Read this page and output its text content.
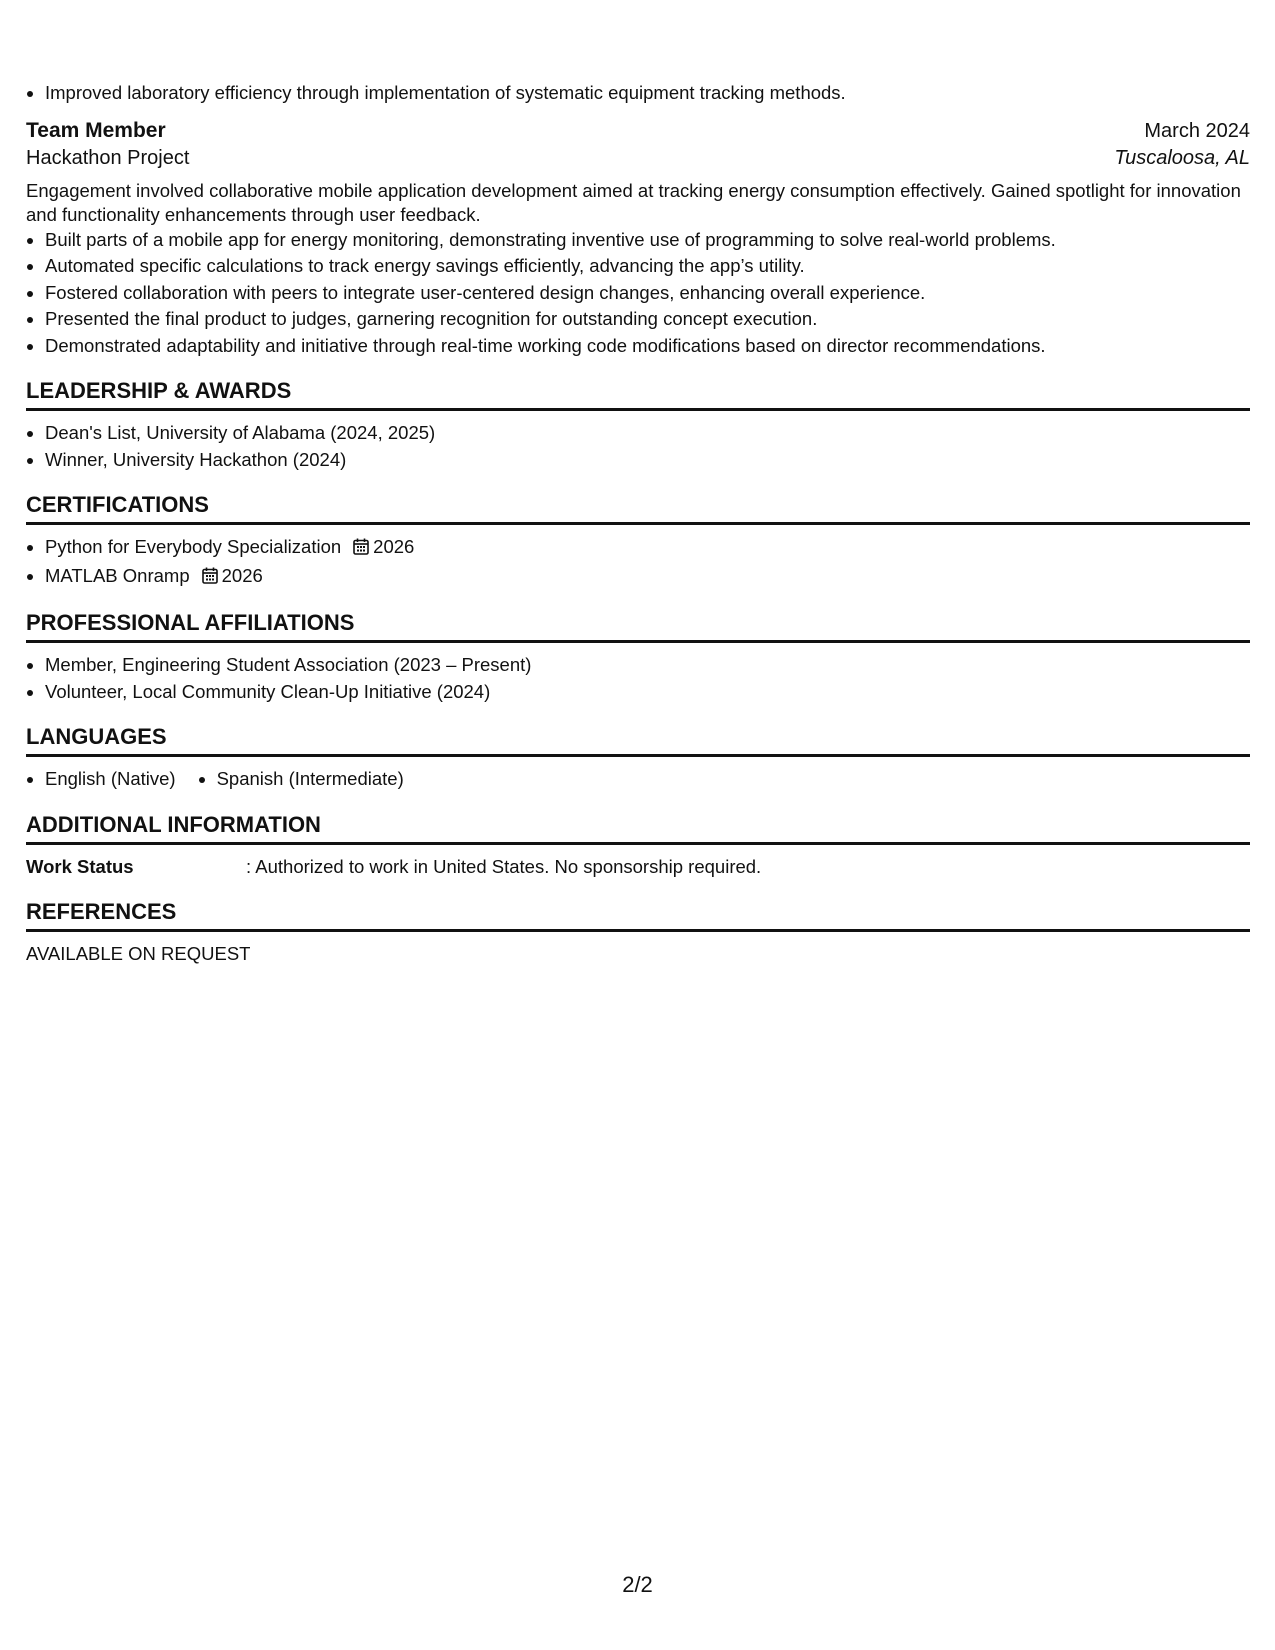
Improved laboratory efficiency through implementation of systematic equipment tracking methods.
Team Member	March 2024
Hackathon Project	Tuscaloosa, AL
Engagement involved collaborative mobile application development aimed at tracking energy consumption effectively. Gained spotlight for innovation and functionality enhancements through user feedback.
Built parts of a mobile app for energy monitoring, demonstrating inventive use of programming to solve real-world problems.
Automated specific calculations to track energy savings efficiently, advancing the app’s utility.
Fostered collaboration with peers to integrate user-centered design changes, enhancing overall experience.
Presented the final product to judges, garnering recognition for outstanding concept execution.
Demonstrated adaptability and initiative through real-time working code modifications based on director recommendations.
LEADERSHIP & AWARDS
Dean's List, University of Alabama (2024, 2025)
Winner, University Hackathon (2024)
CERTIFICATIONS
Python for Everybody Specialization 2026
MATLAB Onramp 2026
PROFESSIONAL AFFILIATIONS
Member, Engineering Student Association (2023 – Present)
Volunteer, Local Community Clean-Up Initiative (2024)
LANGUAGES
English (Native)	Spanish (Intermediate)
ADDITIONAL INFORMATION
Work Status	: Authorized to work in United States. No sponsorship required.
REFERENCES
AVAILABLE ON REQUEST
2/2
